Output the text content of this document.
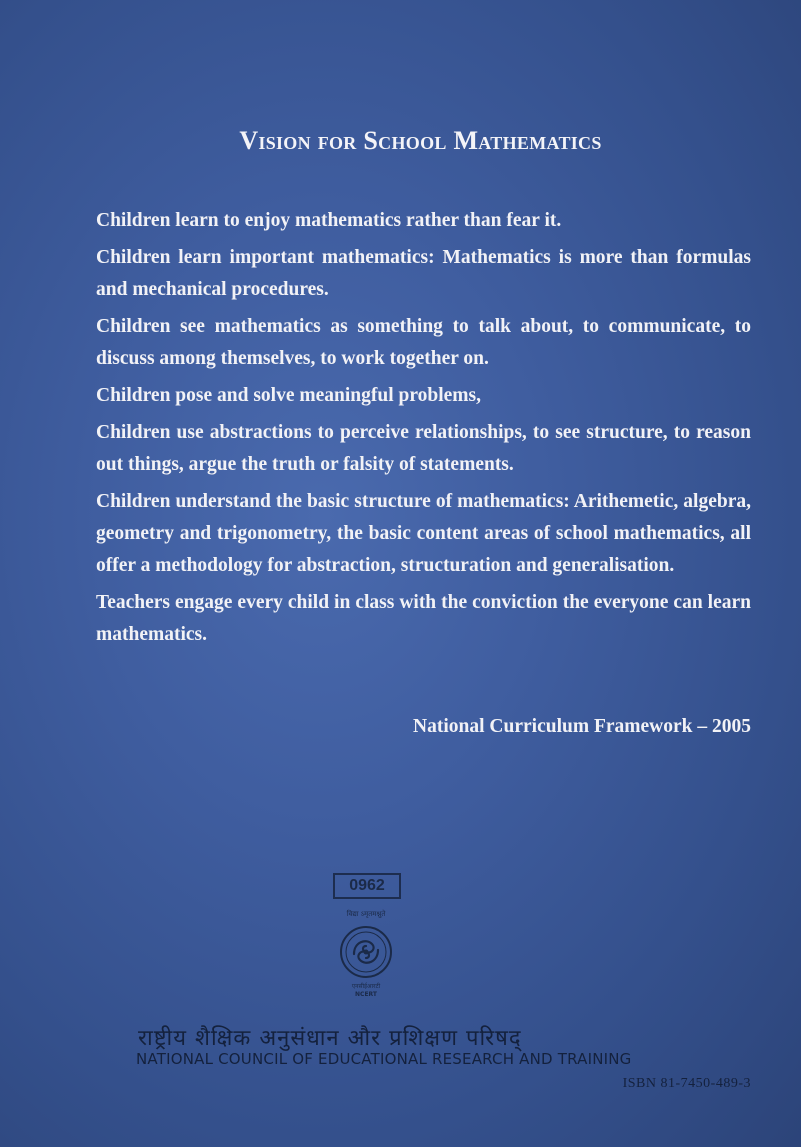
Vision for School Mathematics

Children learn to enjoy mathematics rather than fear it.

Children learn important mathematics: Mathematics is more than formulas and mechanical procedures.

Children see mathematics as something to talk about, to communicate, to discuss among themselves, to work together on.

Children pose and solve meaningful problems,

Children use abstractions to perceive relationships, to see structure, to reason out things, argue the truth or falsity of statements.

Children understand the basic structure of mathematics: Arithemetic, algebra, geometry and trigonometry, the basic content areas of school mathematics, all offer a methodology for abstraction, structuration and generalisation.

Teachers engage every child in class with the conviction the everyone can learn mathematics.

National Curriculum Framework – 2005
0962
विद्या ऽमृतमश्नुते
एनसीईआरटी
NCERT
राष्ट्रीय शैक्षिक अनुसंधान और प्रशिक्षण परिषद्
NATIONAL COUNCIL OF EDUCATIONAL RESEARCH AND TRAINING
ISBN 81-7450-489-3
